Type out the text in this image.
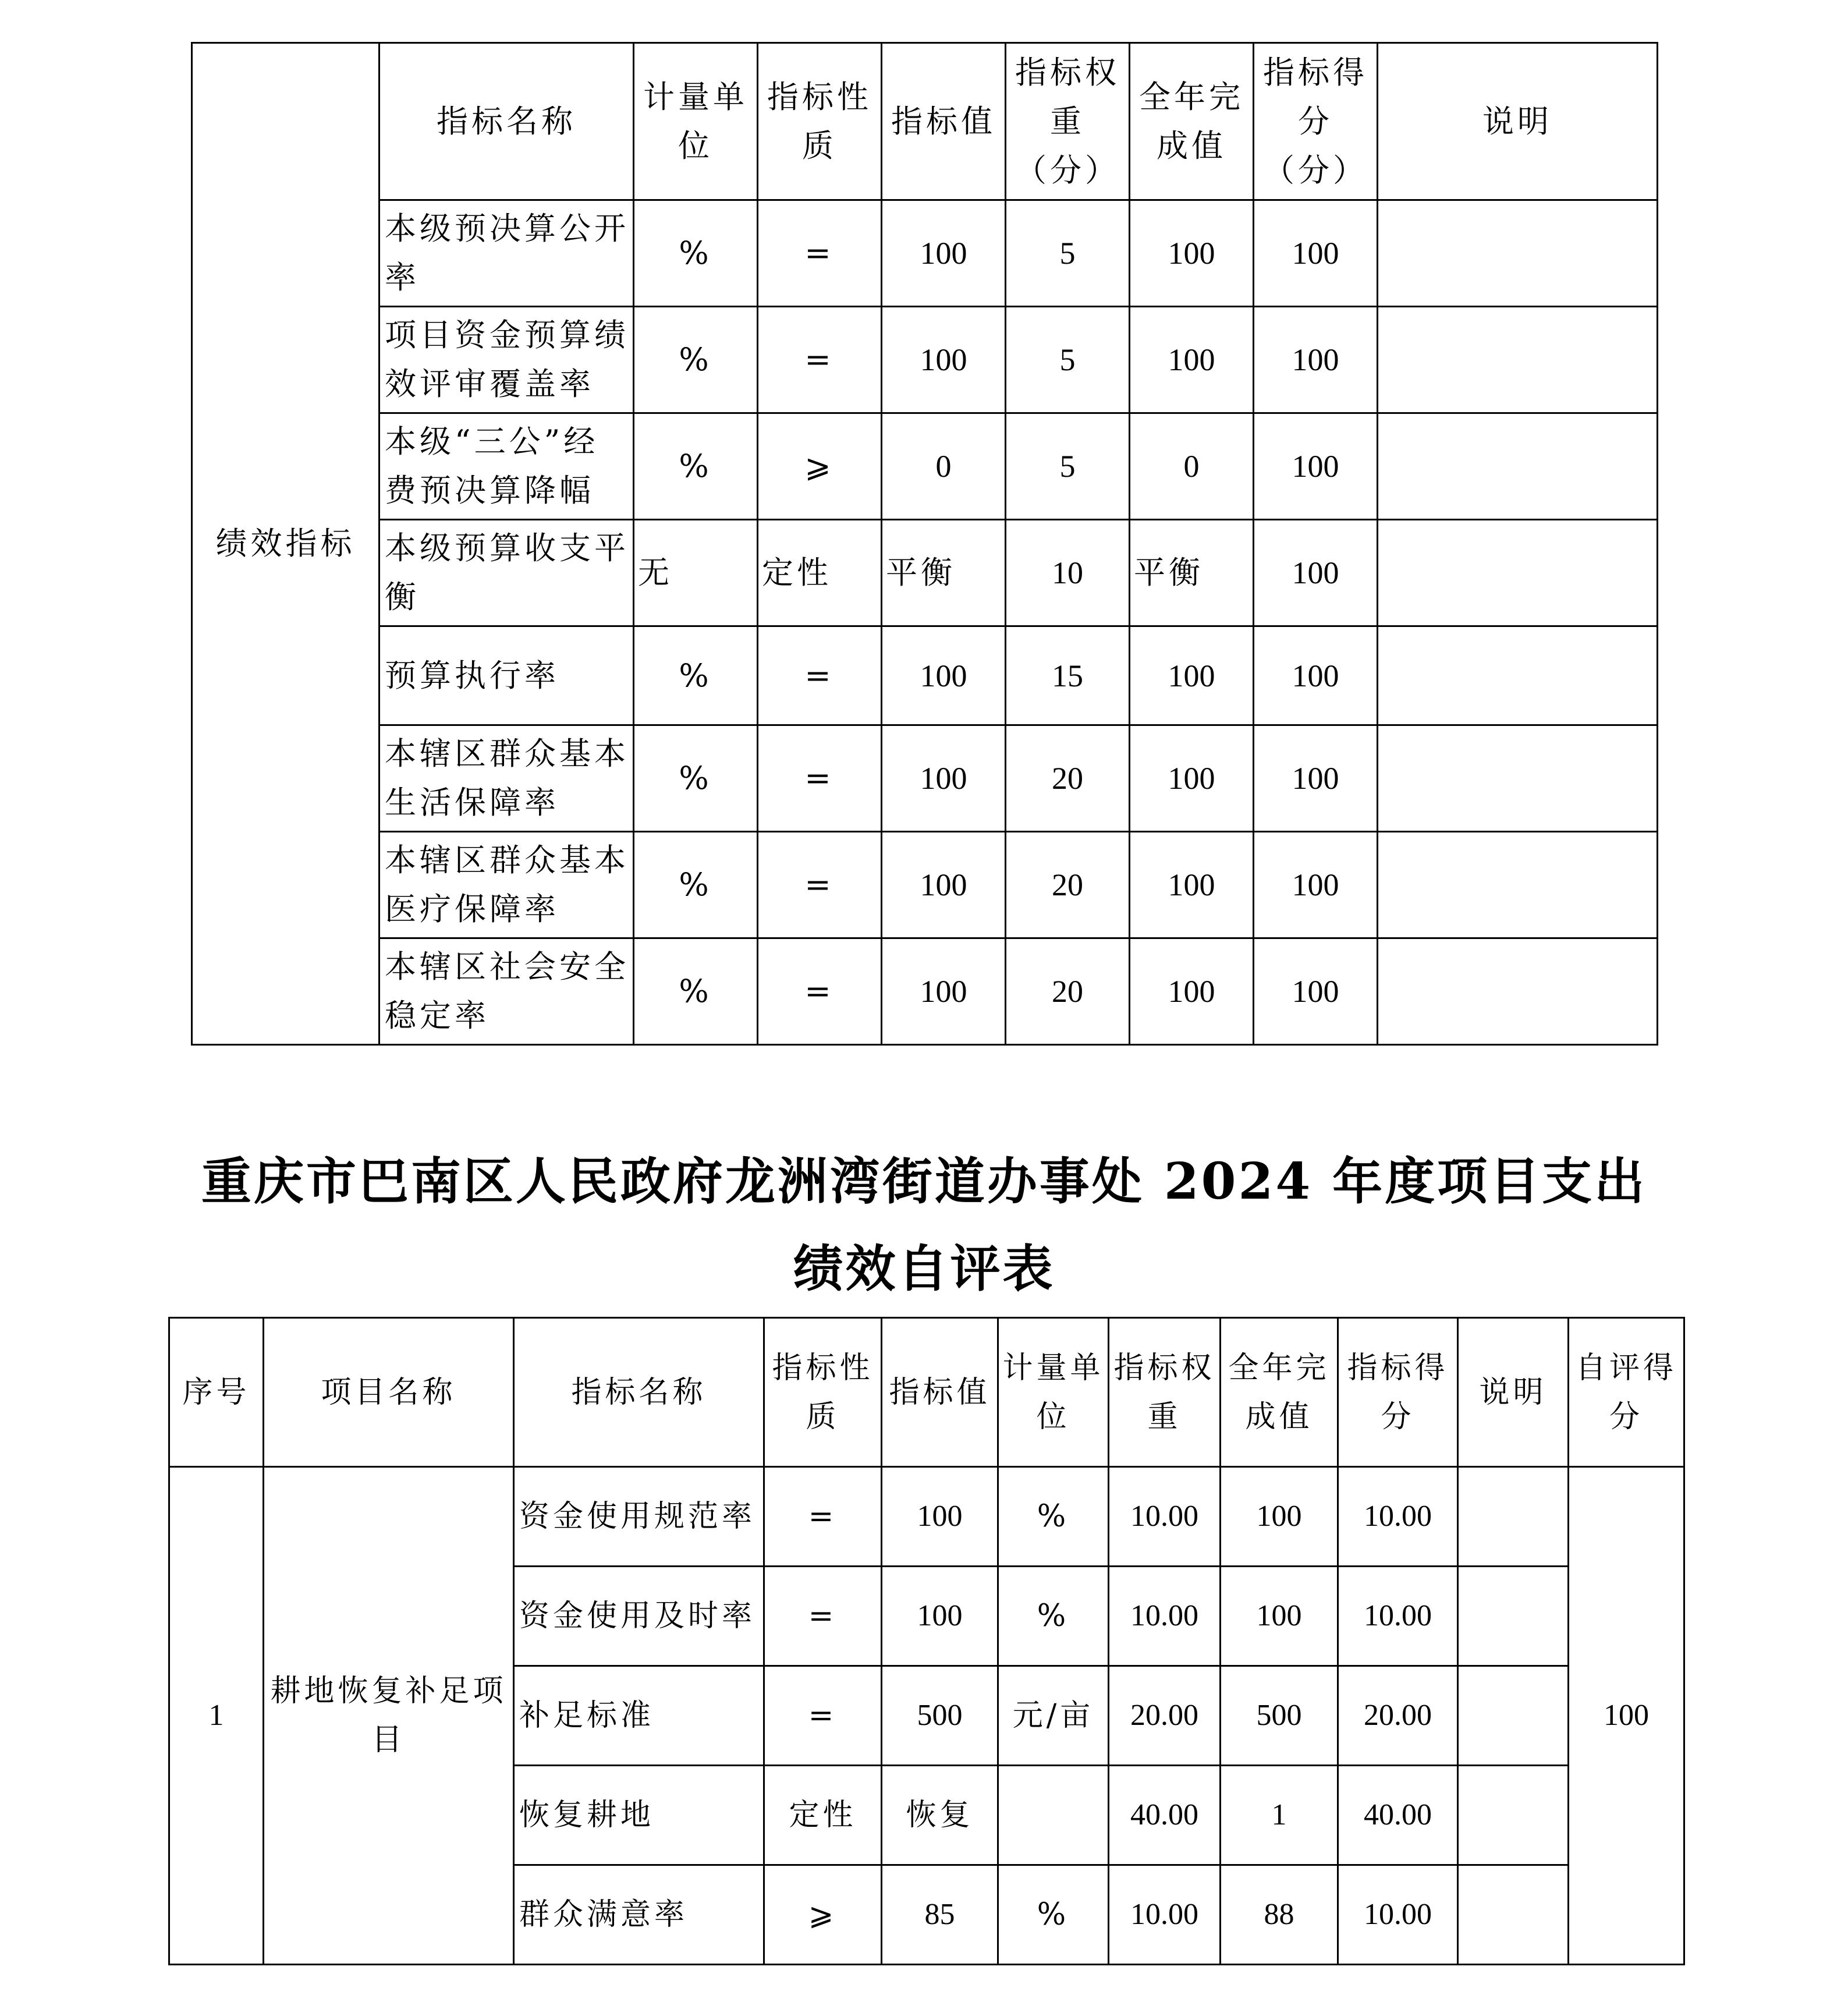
绩效指标	指标名称	计量单位	指标性质	指标值	指标权重（分）	全年完成值	指标得分（分）	说明
	本级预决算公开率	%	=	100	5	100	100	
	项目资金预算绩效评审覆盖率	%	=	100	5	100	100	
	本级“三公”经费预决算降幅	%	⩾	0	5	0	100	
	本级预算收支平衡	无	定性	平衡	10	平衡	100	
	预算执行率	%	=	100	15	100	100	
	本辖区群众基本生活保障率	%	=	100	20	100	100	
	本辖区群众基本医疗保障率	%	=	100	20	100	100	
	本辖区社会安全稳定率	%	=	100	20	100	100	
重庆市巴南区人民政府龙洲湾街道办事处 2024 年度项目支出
绩效自评表
序号	项目名称	指标名称	指标性质	指标值	计量单位	指标权重	全年完成值	指标得分	说明	自评得分
1	耕地恢复补足项目	资金使用规范率	=	100	%	10.00	100	10.00		100
		资金使用及时率	=	100	%	10.00	100	10.00		
		补足标准	=	500	元/亩	20.00	500	20.00		
		恢复耕地	定性	恢复		40.00	1	40.00		
		群众满意率	⩾	85	%	10.00	88	10.00		
